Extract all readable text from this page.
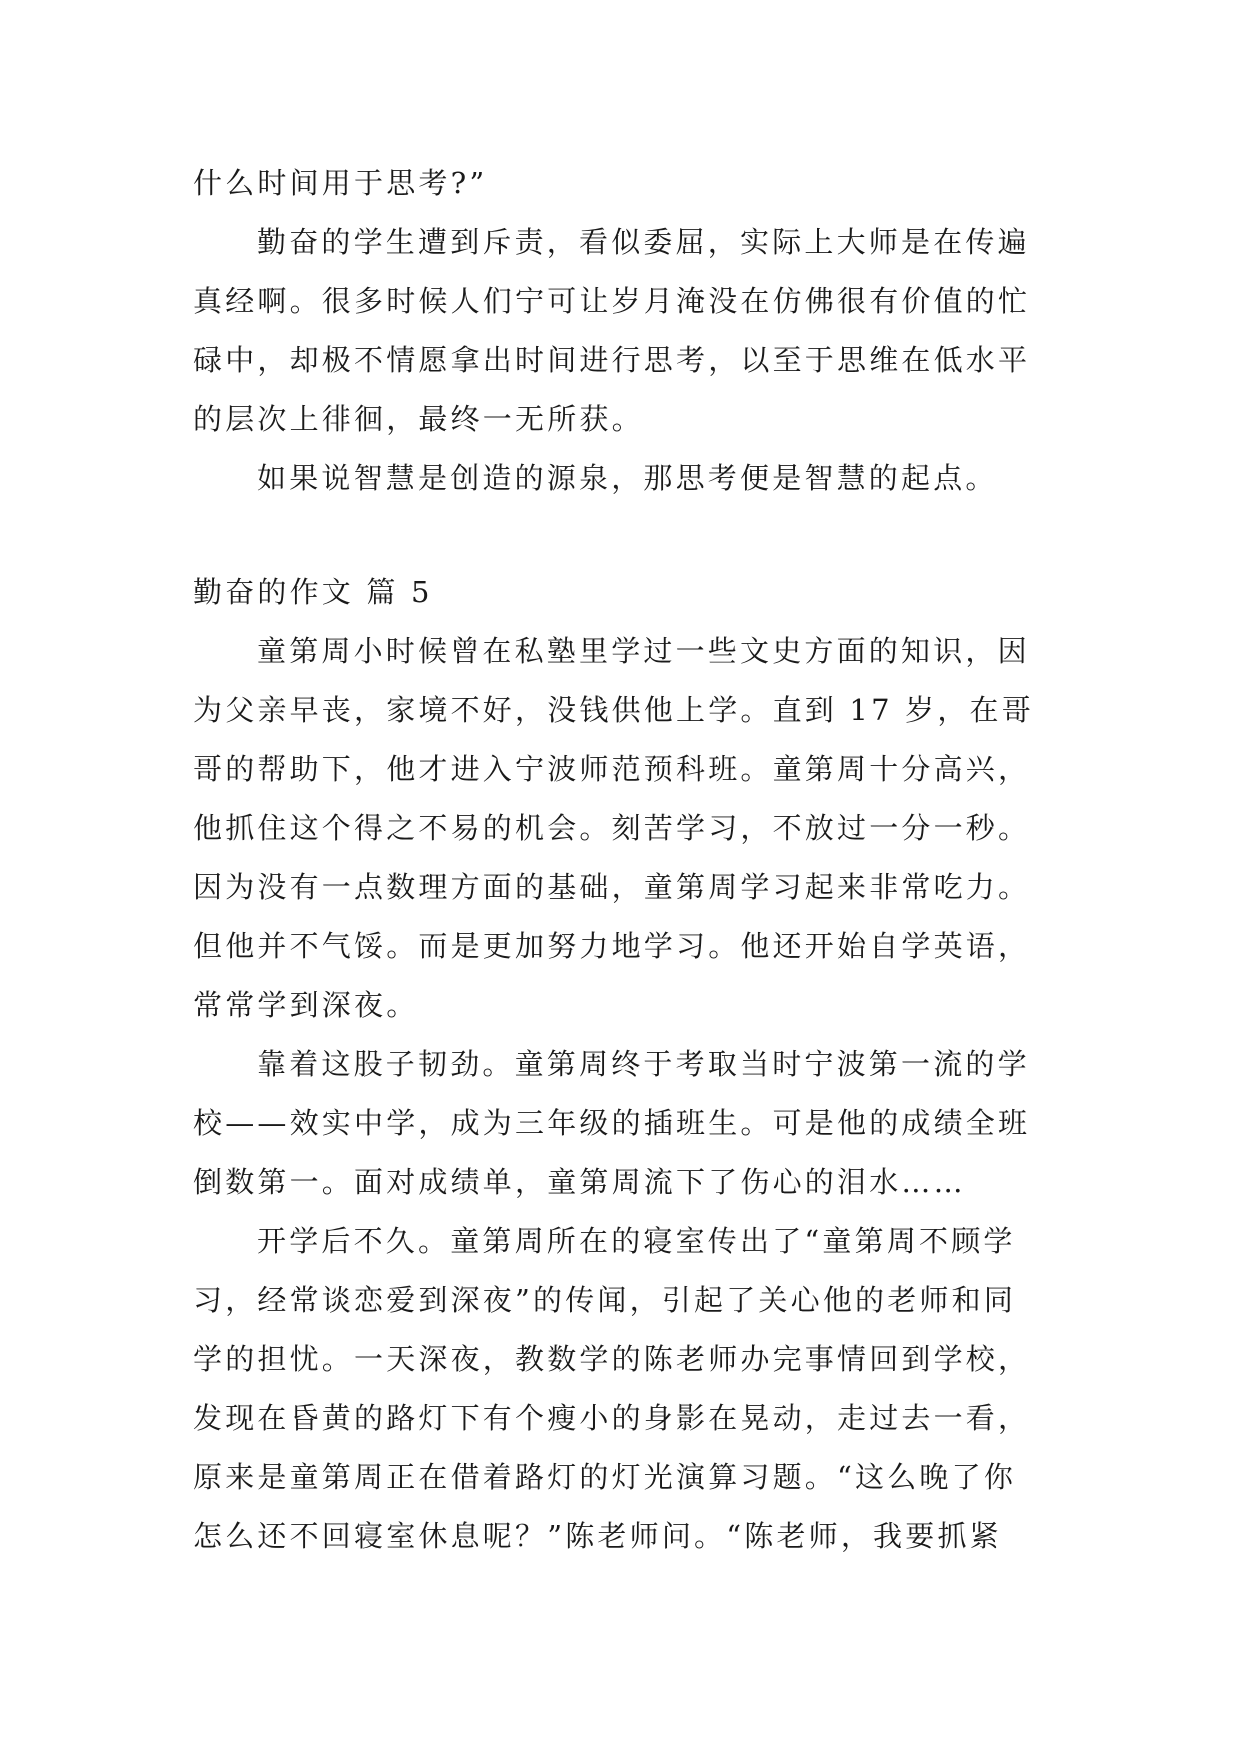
什么时间用于思考?”
勤奋的学生遭到斥责，看似委屈，实际上大师是在传遍
真经啊。很多时候人们宁可让岁月淹没在仿佛很有价值的忙
碌中，却极不情愿拿出时间进行思考，以至于思维在低水平
的层次上徘徊，最终一无所获。
如果说智慧是创造的源泉，那思考便是智慧的起点。
勤奋的作文 篇 5
童第周小时候曾在私塾里学过一些文史方面的知识，因
为父亲早丧，家境不好，没钱供他上学。直到 17 岁，在哥
哥的帮助下，他才进入宁波师范预科班。童第周十分高兴，
他抓住这个得之不易的机会。刻苦学习，不放过一分一秒。
因为没有一点数理方面的基础，童第周学习起来非常吃力。
但他并不气馁。而是更加努力地学习。他还开始自学英语，
常常学到深夜。
靠着这股子韧劲。童第周终于考取当时宁波第一流的学
校——效实中学，成为三年级的插班生。可是他的成绩全班
倒数第一。面对成绩单，童第周流下了伤心的泪水……
开学后不久。童第周所在的寝室传出了“童第周不顾学
习，经常谈恋爱到深夜”的传闻，引起了关心他的老师和同
学的担忧。一天深夜，教数学的陈老师办完事情回到学校，
发现在昏黄的路灯下有个瘦小的身影在晃动，走过去一看，
原来是童第周正在借着路灯的灯光演算习题。“这么晚了你
怎么还不回寝室休息呢？”陈老师问。“陈老师，我要抓紧
